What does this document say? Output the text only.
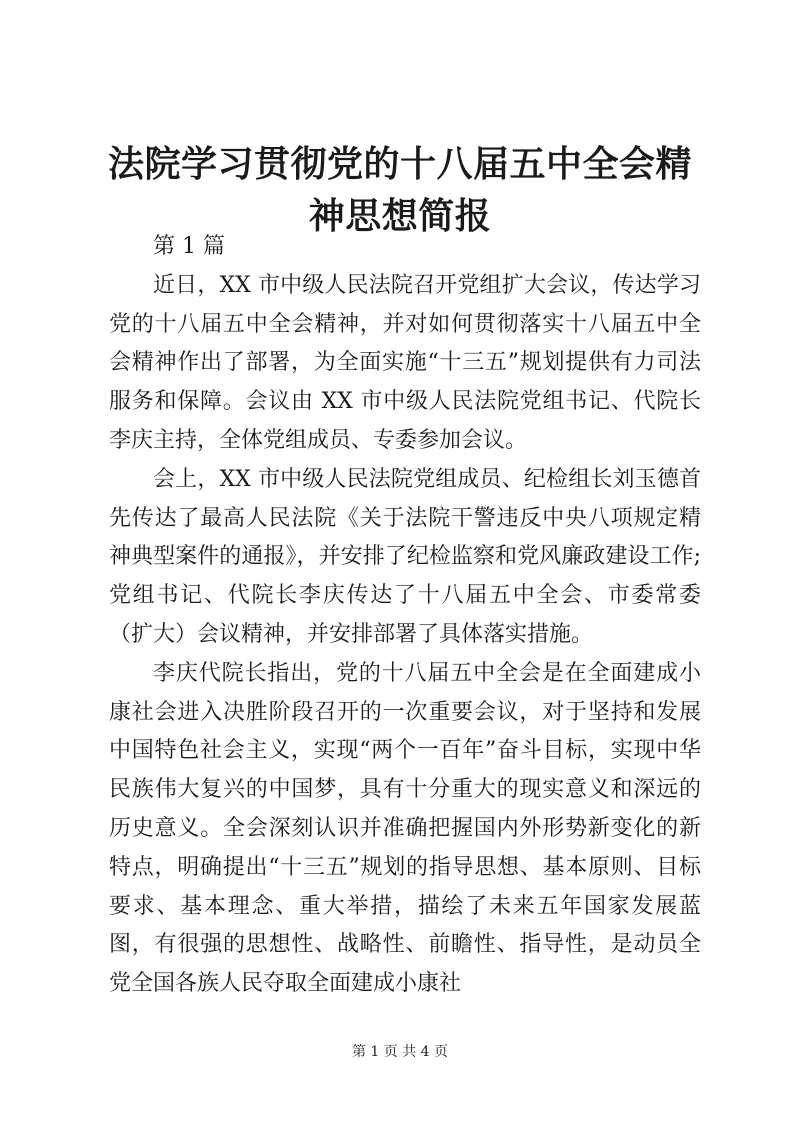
法院学习贯彻党的十八届五中全会精神思想简报

第 1 篇

近日，XX 市中级人民法院召开党组扩大会议，传达学习党的十八届五中全会精神，并对如何贯彻落实十八届五中全会精神作出了部署，为全面实施“十三五”规划提供有力司法服务和保障。会议由 XX 市中级人民法院党组书记、代院长李庆主持，全体党组成员、专委参加会议。

会上，XX 市中级人民法院党组成员、纪检组长刘玉德首先传达了最高人民法院《关于法院干警违反中央八项规定精神典型案件的通报》，并安排了纪检监察和党风廉政建设工作;党组书记、代院长李庆传达了十八届五中全会、市委常委（扩大）会议精神，并安排部署了具体落实措施。

李庆代院长指出，党的十八届五中全会是在全面建成小康社会进入决胜阶段召开的一次重要会议，对于坚持和发展中国特色社会主义，实现“两个一百年”奋斗目标，实现中华民族伟大复兴的中国梦，具有十分重大的现实意义和深远的历史意义。全会深刻认识并准确把握国内外形势新变化的新特点，明确提出“十三五”规划的指导思想、基本原则、目标要求、基本理念、重大举措，描绘了未来五年国家发展蓝图，有很强的思想性、战略性、前瞻性、指导性，是动员全党全国各族人民夺取全面建成小康社

第 1 页 共 4 页
